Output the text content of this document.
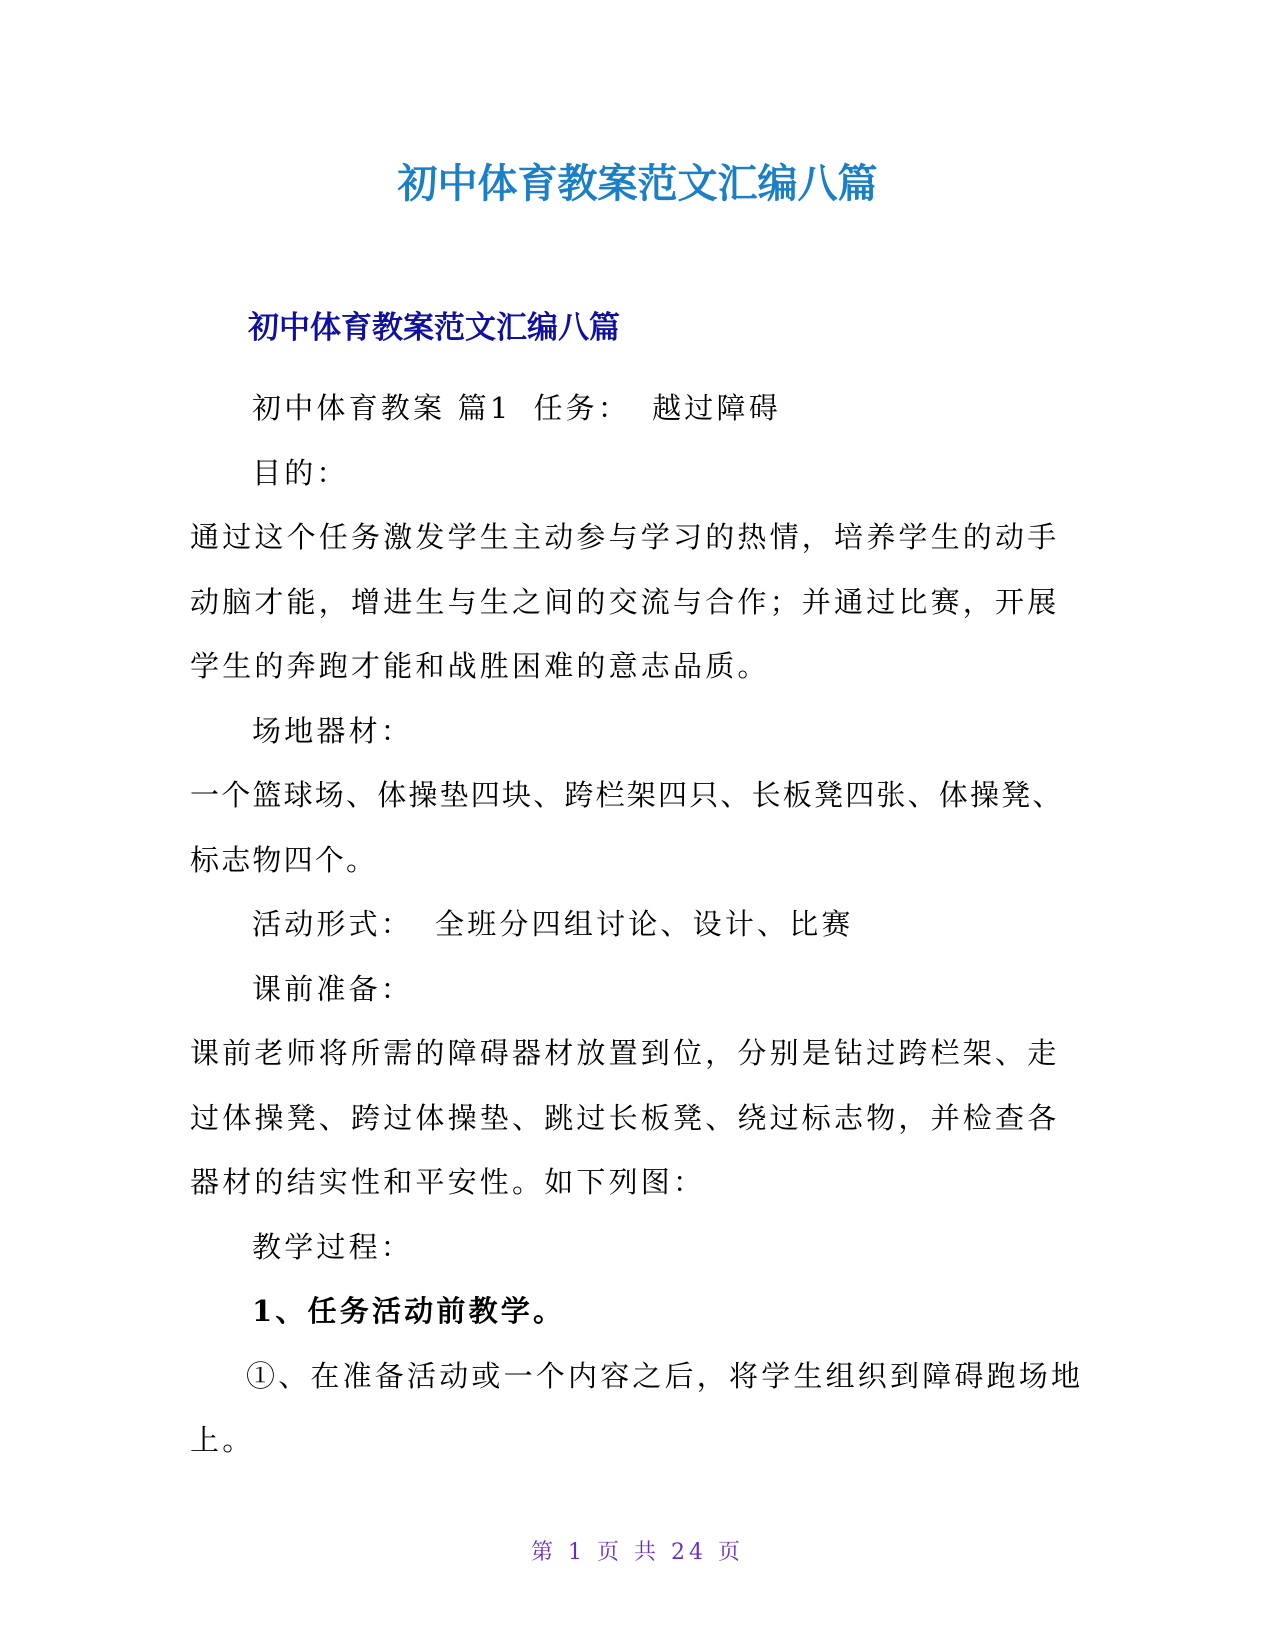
初中体育教案范文汇编八篇
初中体育教案范文汇编八篇

初中体育教案 篇1 任务： 越过障碍

目的：

通过这个任务激发学生主动参与学习的热情，培养学生的动手动脑才能，增进生与生之间的交流与合作；并通过比赛，开展学生的奔跑才能和战胜困难的意志品质。

场地器材：

一个篮球场、体操垫四块、跨栏架四只、长板凳四张、体操凳、标志物四个。

活动形式： 全班分四组讨论、设计、比赛

课前准备：

课前老师将所需的障碍器材放置到位，分别是钻过跨栏架、走过体操凳、跨过体操垫、跳过长板凳、绕过标志物，并检查各器材的结实性和平安性。如下列图：

教学过程：

1、任务活动前教学。

①、在准备活动或一个内容之后，将学生组织到障碍跑场地上。

第 1 页 共 24 页
